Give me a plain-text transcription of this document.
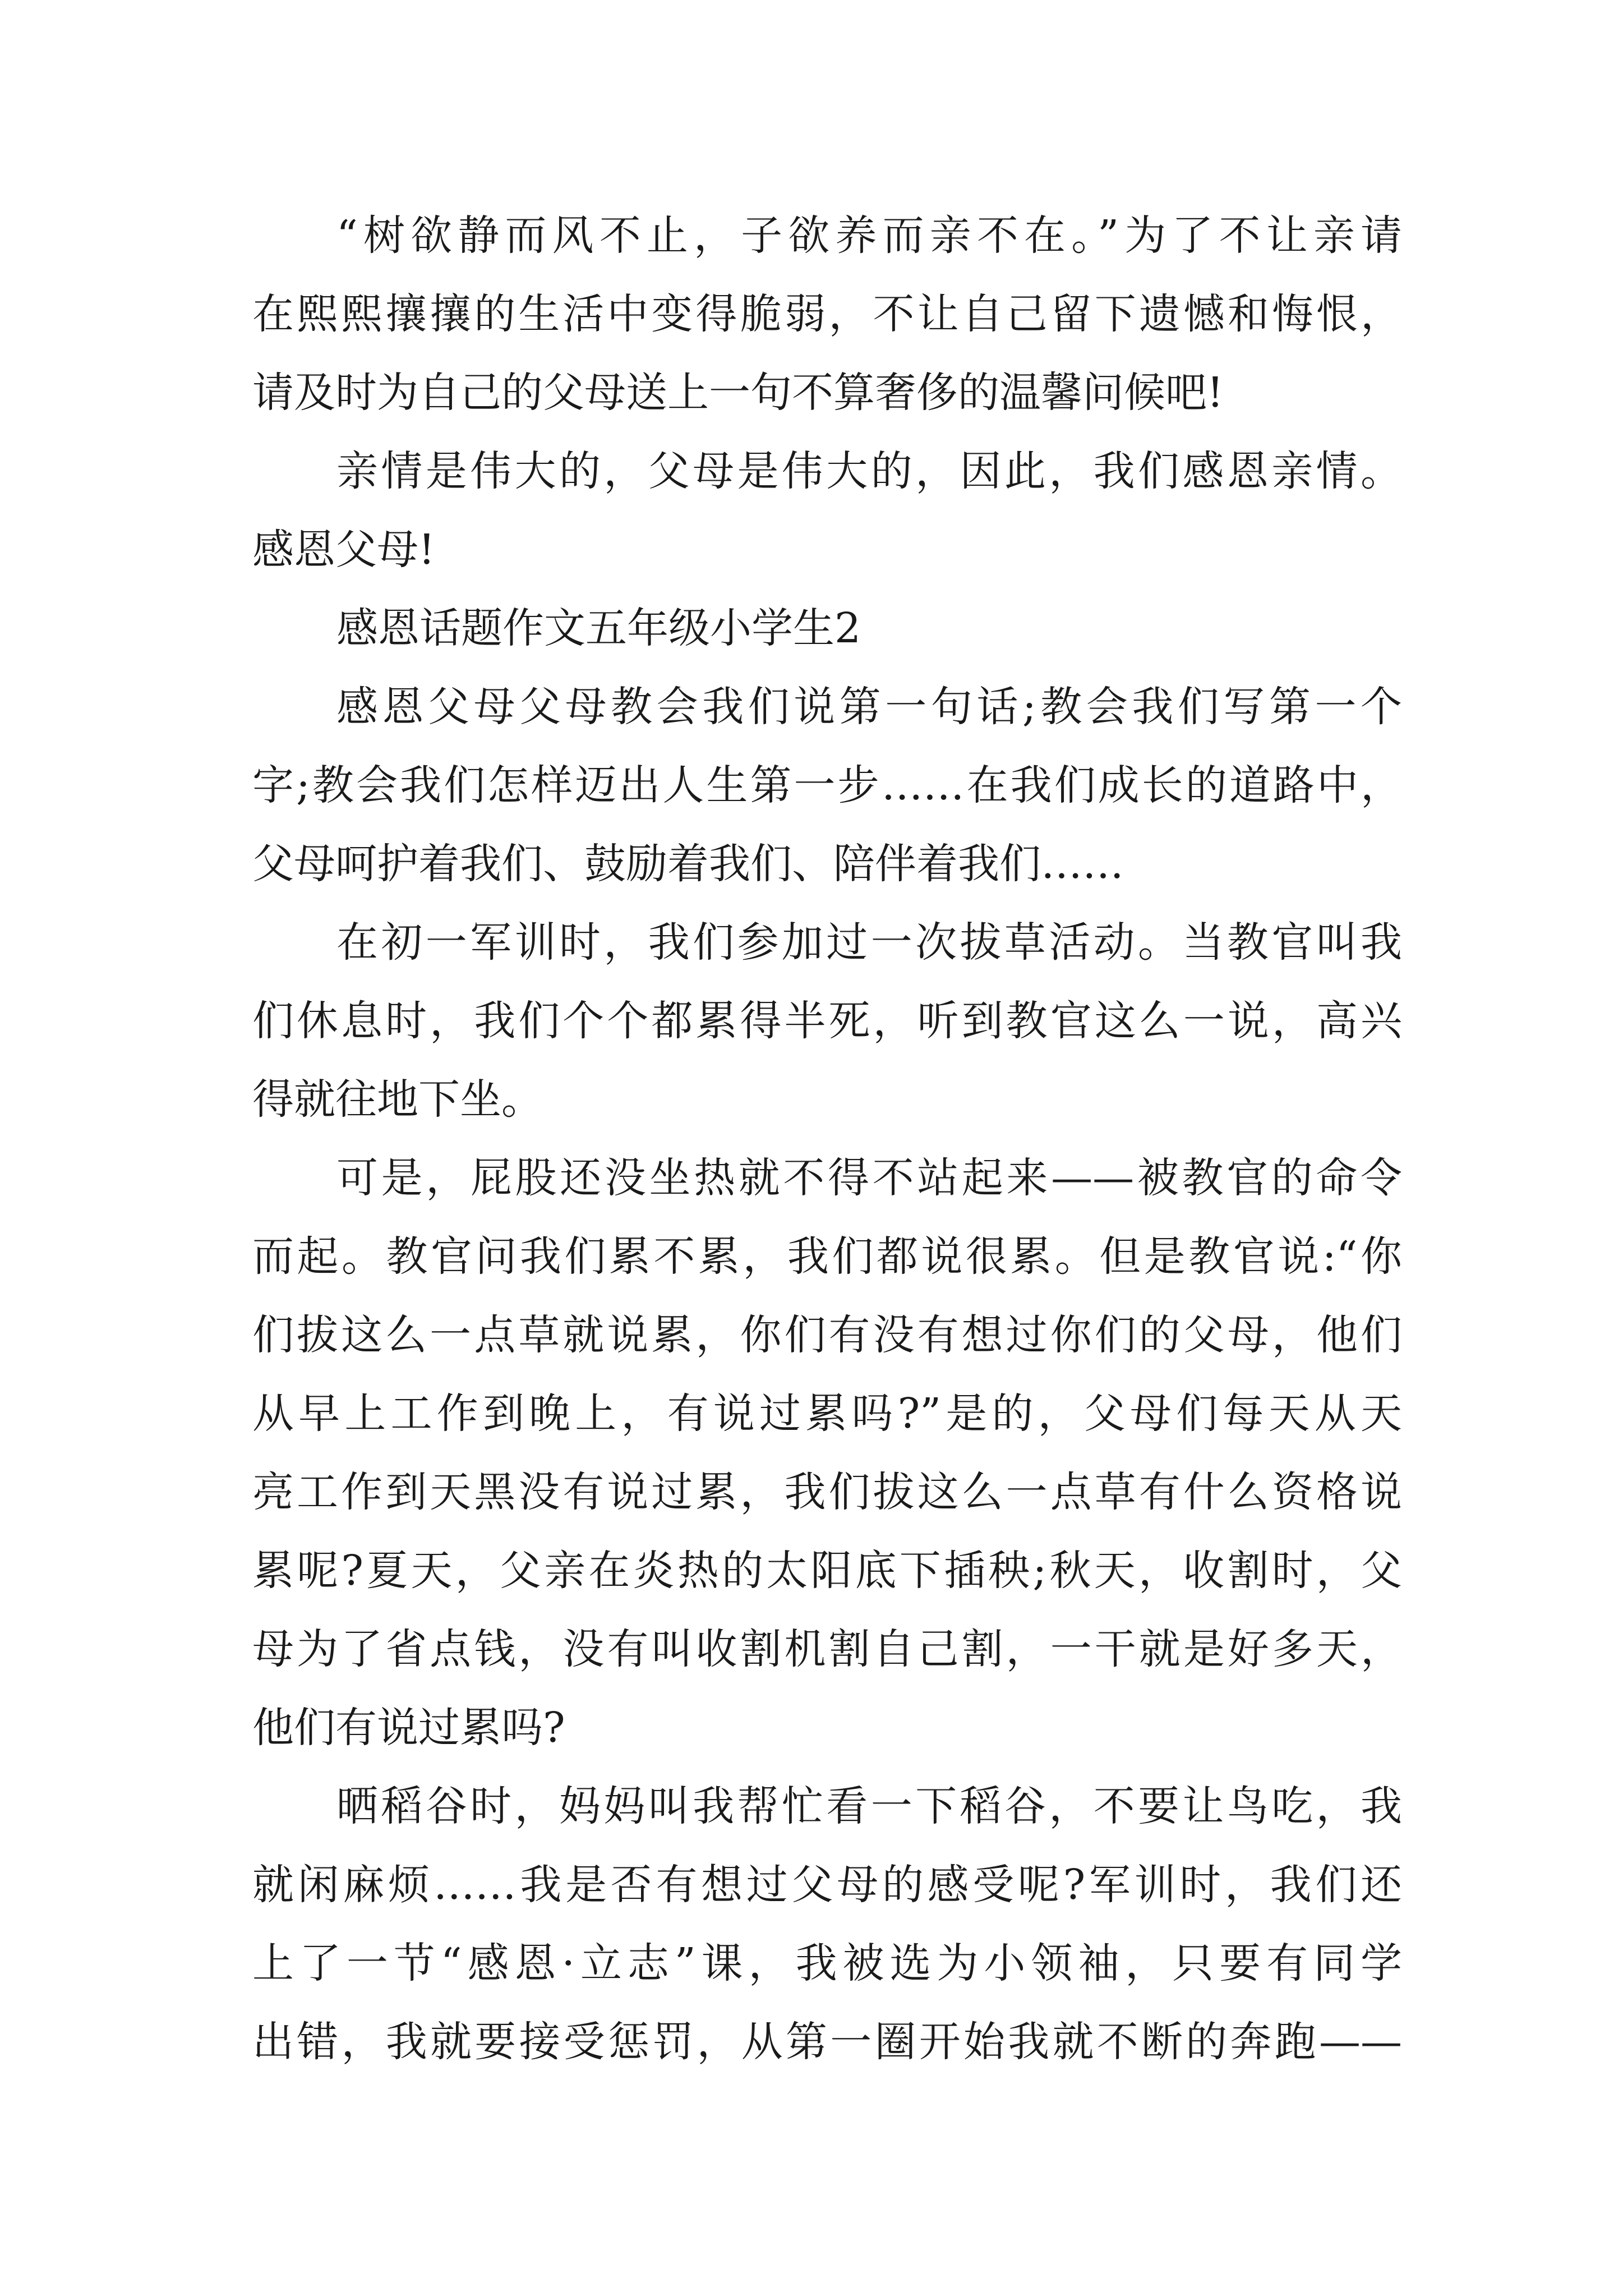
“树欲静而风不止，子欲养而亲不在。”为了不让亲请

在熙熙攘攘的生活中变得脆弱，不让自己留下遗憾和悔恨，

请及时为自己的父母送上一句不算奢侈的温馨问候吧!

亲情是伟大的，父母是伟大的，因此，我们感恩亲情。

感恩父母!

感恩话题作文五年级小学生2

感恩父母父母教会我们说第一句话;教会我们写第一个

字;教会我们怎样迈出人生第一步……在我们成长的道路中，

父母呵护着我们、鼓励着我们、陪伴着我们……

在初一军训时，我们参加过一次拔草活动。当教官叫我

们休息时，我们个个都累得半死，听到教官这么一说，高兴

得就往地下坐。

可是，屁股还没坐热就不得不站起来——被教官的命令

而起。教官问我们累不累，我们都说很累。但是教官说:“你

们拔这么一点草就说累，你们有没有想过你们的父母，他们

从早上工作到晚上，有说过累吗?”是的，父母们每天从天

亮工作到天黑没有说过累，我们拔这么一点草有什么资格说

累呢?夏天，父亲在炎热的太阳底下插秧;秋天，收割时，父

母为了省点钱，没有叫收割机割自己割，一干就是好多天，

他们有说过累吗?

晒稻谷时，妈妈叫我帮忙看一下稻谷，不要让鸟吃，我

就闲麻烦……我是否有想过父母的感受呢?军训时，我们还

上了一节“感恩·立志”课，我被选为小领袖，只要有同学

出错，我就要接受惩罚，从第一圈开始我就不断的奔跑——
